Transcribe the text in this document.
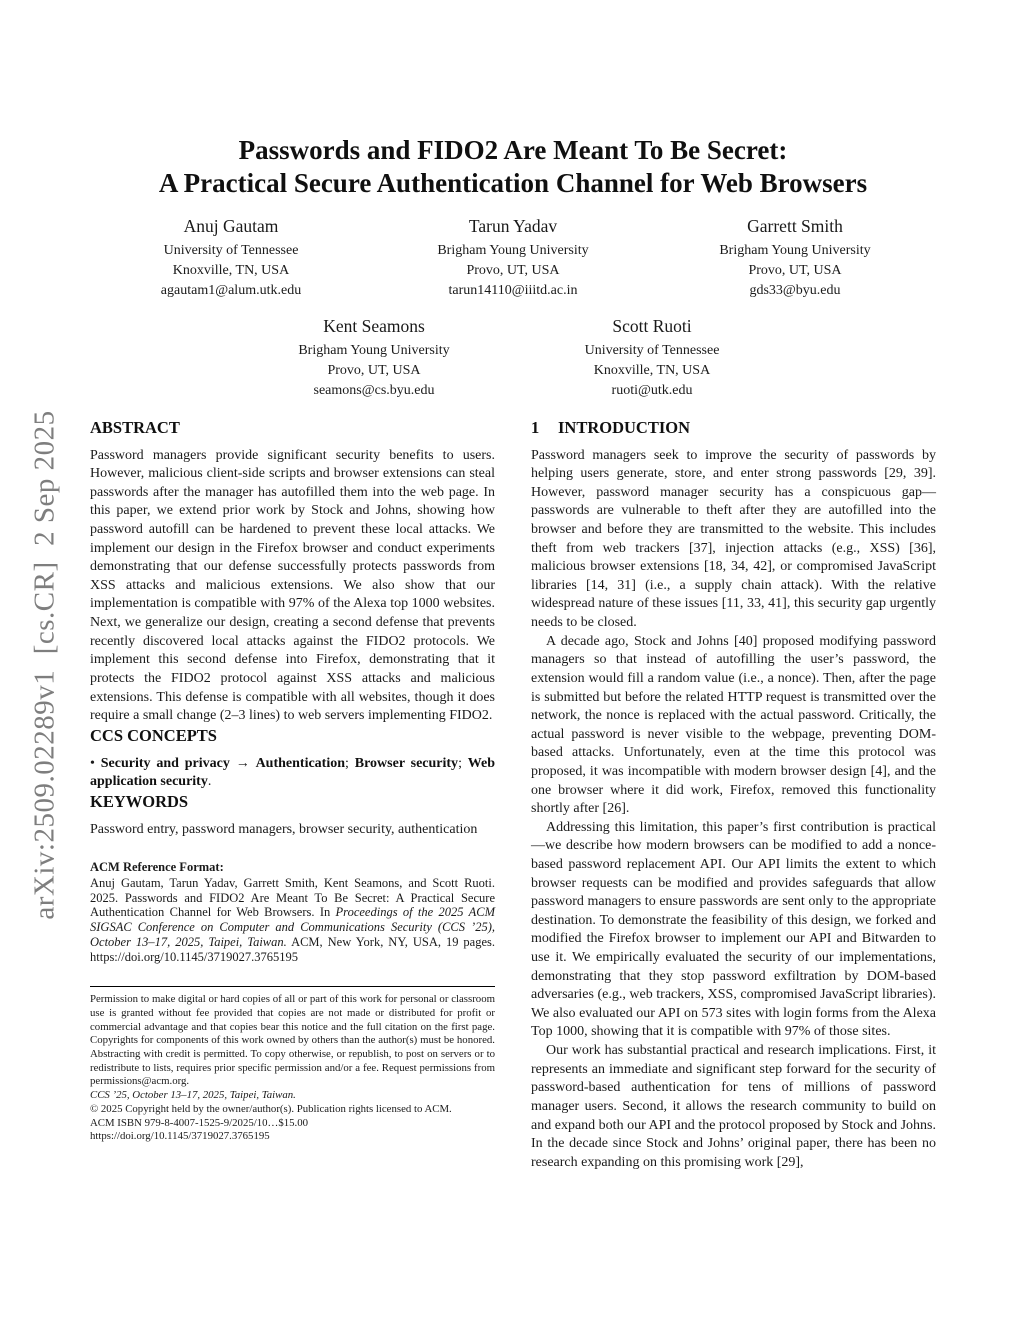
arXiv:2509.02289v1  [cs.CR]  2 Sep 2025
Passwords and FIDO2 Are Meant To Be Secret:
A Practical Secure Authentication Channel for Web Browsers
Anuj Gautam
University of Tennessee
Knoxville, TN, USA
agautam1@alum.utk.edu
Tarun Yadav
Brigham Young University
Provo, UT, USA
tarun14110@iiitd.ac.in
Garrett Smith
Brigham Young University
Provo, UT, USA
gds33@byu.edu
Kent Seamons
Brigham Young University
Provo, UT, USA
seamons@cs.byu.edu
Scott Ruoti
University of Tennessee
Knoxville, TN, USA
ruoti@utk.edu
ABSTRACT

Password managers provide significant security benefits to users. However, malicious client-side scripts and browser extensions can steal passwords after the manager has autofilled them into the web page. In this paper, we extend prior work by Stock and Johns, showing how password autofill can be hardened to prevent these local attacks. We implement our design in the Firefox browser and conduct experiments demonstrating that our defense successfully protects passwords from XSS attacks and malicious extensions. We also show that our implementation is compatible with 97% of the Alexa top 1000 websites. Next, we generalize our design, creating a second defense that prevents recently discovered local attacks against the FIDO2 protocols. We implement this second defense into Firefox, demonstrating that it protects the FIDO2 protocol against XSS attacks and malicious extensions. This defense is compatible with all websites, though it does require a small change (2–3 lines) to web servers implementing FIDO2.

CCS CONCEPTS

• Security and privacy → Authentication; Browser security; Web application security.

KEYWORDS

Password entry, password managers, browser security, authentication

ACM Reference Format:

Anuj Gautam, Tarun Yadav, Garrett Smith, Kent Seamons, and Scott Ruoti. 2025. Passwords and FIDO2 Are Meant To Be Secret: A Practical Secure Authentication Channel for Web Browsers. In Proceedings of the 2025 ACM SIGSAC Conference on Computer and Communications Security (CCS ’25), October 13–17, 2025, Taipei, Taiwan. ACM, New York, NY, USA, 19 pages. https://doi.org/10.1145/3719027.3765195

Permission to make digital or hard copies of all or part of this work for personal or classroom use is granted without fee provided that copies are not made or distributed for profit or commercial advantage and that copies bear this notice and the full citation on the first page. Copyrights for components of this work owned by others than the author(s) must be honored. Abstracting with credit is permitted. To copy otherwise, or republish, to post on servers or to redistribute to lists, requires prior specific permission and/or a fee. Request permissions from permissions@acm.org.

CCS ’25, October 13–17, 2025, Taipei, Taiwan.

© 2025 Copyright held by the owner/author(s). Publication rights licensed to ACM.

ACM ISBN 979-8-4007-1525-9/2025/10…$15.00

https://doi.org/10.1145/3719027.3765195

1 INTRODUCTION

Password managers seek to improve the security of passwords by helping users generate, store, and enter strong passwords [29, 39]. However, password manager security has a conspicuous gap—passwords are vulnerable to theft after they are autofilled into the browser and before they are transmitted to the website. This includes theft from web trackers [37], injection attacks (e.g., XSS) [36], malicious browser extensions [18, 34, 42], or compromised JavaScript libraries [14, 31] (i.e., a supply chain attack). With the relative widespread nature of these issues [11, 33, 41], this security gap urgently needs to be closed.

A decade ago, Stock and Johns [40] proposed modifying password managers so that instead of autofilling the user’s password, the extension would fill a random value (i.e., a nonce). Then, after the page is submitted but before the related HTTP request is transmitted over the network, the nonce is replaced with the actual password. Critically, the actual password is never visible to the webpage, preventing DOM-based attacks. Unfortunately, even at the time this protocol was proposed, it was incompatible with modern browser design [4], and the one browser where it did work, Firefox, removed this functionality shortly after [26].

Addressing this limitation, this paper’s first contribution is practical—we describe how modern browsers can be modified to add a nonce-based password replacement API. Our API limits the extent to which browser requests can be modified and provides safeguards that allow password managers to ensure passwords are sent only to the appropriate destination. To demonstrate the feasibility of this design, we forked and modified the Firefox browser to implement our API and Bitwarden to use it. We empirically evaluated the security of our implementations, demonstrating that they stop password exfiltration by DOM-based adversaries (e.g., web trackers, XSS, compromised JavaScript libraries). We also evaluated our API on 573 sites with login forms from the Alexa Top 1000, showing that it is compatible with 97% of those sites.

Our work has substantial practical and research implications. First, it represents an immediate and significant step forward for the security of password-based authentication for tens of millions of password manager users. Second, it allows the research community to build on and expand both our API and the protocol proposed by Stock and Johns. In the decade since Stock and Johns’ original paper, there has been no research expanding on this promising work [29],
